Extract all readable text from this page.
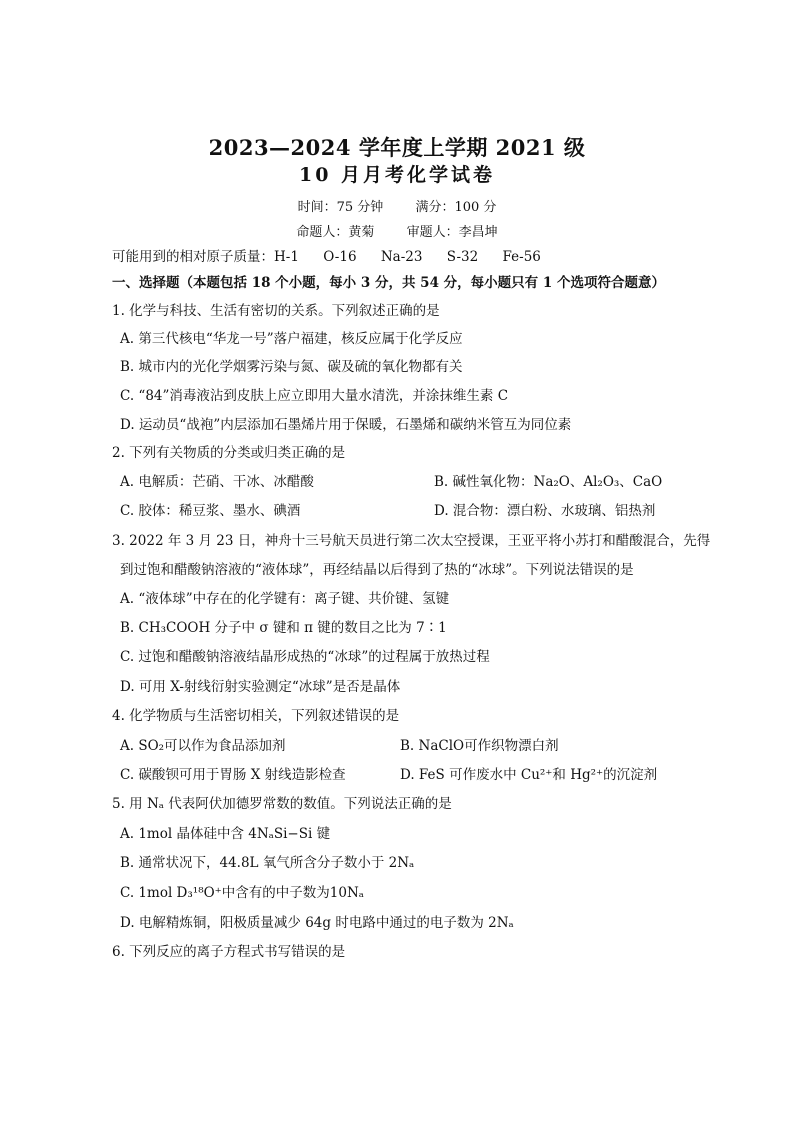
2023—2024 学年度上学期 2021 级
10 月月考化学试卷
时间：75 分钟 满分：100 分
命题人：黄菊 审题人：李昌坤
可能用到的相对原子质量：H-1 O-16 Na-23 S-32 Fe-56
一、选择题（本题包括 18 个小题，每小 3 分，共 54 分，每小题只有 1 个选项符合题意）
1. 化学与科技、生活有密切的关系。下列叙述正确的是
A. 第三代核电“华龙一号”落户福建，核反应属于化学反应
B. 城市内的光化学烟雾污染与氮、碳及硫的氧化物都有关
C. “84”消毒液沾到皮肤上应立即用大量水清洗，并涂抹维生素 C
D. 运动员“战袍”内层添加石墨烯片用于保暖，石墨烯和碳纳米管互为同位素
2. 下列有关物质的分类或归类正确的是
A. 电解质：芒硝、干冰、冰醋酸	B. 碱性氧化物：Na₂O、Al₂O₃、CaO
C. 胶体：稀豆浆、墨水、碘酒	D. 混合物：漂白粉、水玻璃、铝热剂
3. 2022 年 3 月 23 日，神舟十三号航天员进行第二次太空授课，王亚平将小苏打和醋酸混合，先得
到过饱和醋酸钠溶液的“液体球”，再经结晶以后得到了热的“冰球”。下列说法错误的是
A. “液体球”中存在的化学键有：离子键、共价键、氢键
B. CH₃COOH 分子中 σ 键和 π 键的数目之比为 7∶1
C. 过饱和醋酸钠溶液结晶形成热的“冰球”的过程属于放热过程
D. 可用 X-射线衍射实验测定“冰球”是否是晶体
4. 化学物质与生活密切相关，下列叙述错误的是
A. SO₂可以作为食品添加剂	B. NaClO可作织物漂白剂
C. 碳酸钡可用于胃肠 X 射线造影检查	D. FeS 可作废水中 Cu²⁺和 Hg²⁺的沉淀剂
5. 用 Nₐ 代表阿伏加德罗常数的数值。下列说法正确的是
A. 1mol 晶体硅中含 4NₐSi−Si 键
B. 通常状况下，44.8L 氧气所含分子数小于 2Nₐ
C. 1mol D₃¹⁸O⁺中含有的中子数为10Nₐ
D. 电解精炼铜，阳极质量减少 64g 时电路中通过的电子数为 2Nₐ
6. 下列反应的离子方程式书写错误的是
